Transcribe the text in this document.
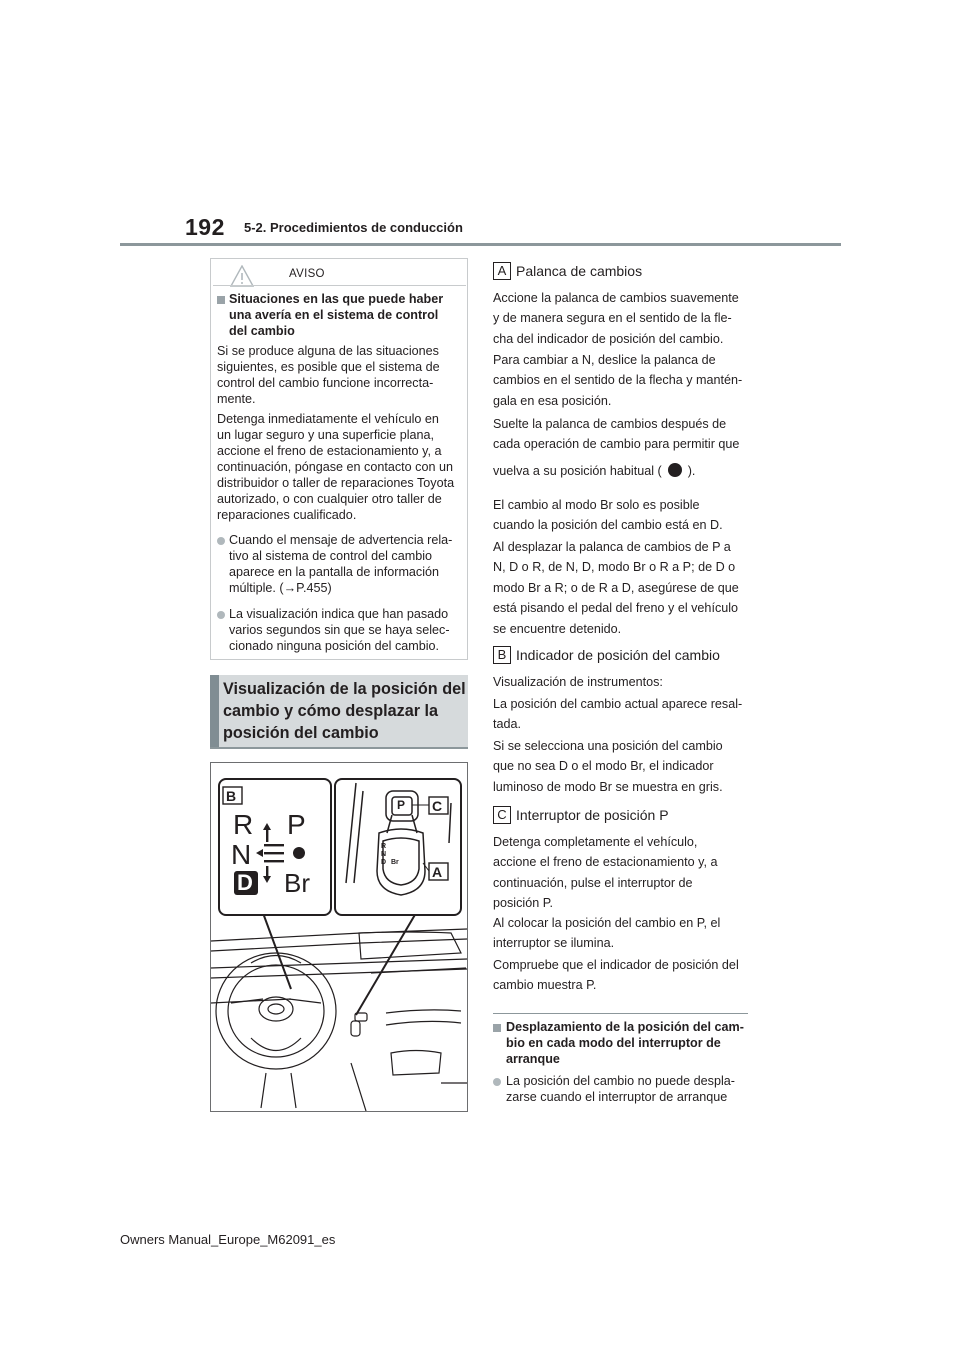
192 5-2. Procedimientos de conducción
AVISO
Situaciones en las que puede haber
una avería en el sistema de control
del cambio
Si se produce alguna de las situaciones
siguientes, es posible que el sistema de
control del cambio funcione incorrecta-
mente.
Detenga inmediatamente el vehículo en
un lugar seguro y una superficie plana,
accione el freno de estacionamiento y, a
continuación, póngase en contacto con un
distribuidor o taller de reparaciones Toyota
autorizado, o con cualquier otro taller de
reparaciones cualificado.
Cuando el mensaje de advertencia rela-
tivo al sistema de control del cambio
aparece en la pantalla de información
múltiple. (→P.455)
La visualización indica que han pasado
varios segundos sin que se haya selec-
cionado ninguna posición del cambio.
Visualización de la posición del
cambio y cómo desplazar la
posición del cambio
B
C
A
R
N
D
P
Br
P
R
N
D Br
A Palanca de cambios
Accione la palanca de cambios suavemente
y de manera segura en el sentido de la fle-
cha del indicador de posición del cambio.
Para cambiar a N, deslice la palanca de
cambios en el sentido de la flecha y mantén-
gala en esa posición.
Suelte la palanca de cambios después de
cada operación de cambio para permitir que
vuelva a su posición habitual ( ).
El cambio al modo Br solo es posible
cuando la posición del cambio está en D.
Al desplazar la palanca de cambios de P a
N, D o R, de N, D, modo Br o R a P; de D o
modo Br a R; o de R a D, asegúrese de que
está pisando el pedal del freno y el vehículo
se encuentre detenido.
B Indicador de posición del cambio
Visualización de instrumentos:
La posición del cambio actual aparece resal-
tada.
Si se selecciona una posición del cambio
que no sea D o el modo Br, el indicador
luminoso de modo Br se muestra en gris.
C Interruptor de posición P
Detenga completamente el vehículo,
accione el freno de estacionamiento y, a
continuación, pulse el interruptor de
posición P.
Al colocar la posición del cambio en P, el
interruptor se ilumina.
Compruebe que el indicador de posición del
cambio muestra P.
Desplazamiento de la posición del cam-
bio en cada modo del interruptor de
arranque
La posición del cambio no puede despla-
zarse cuando el interruptor de arranque
Owners Manual_Europe_M62091_es
